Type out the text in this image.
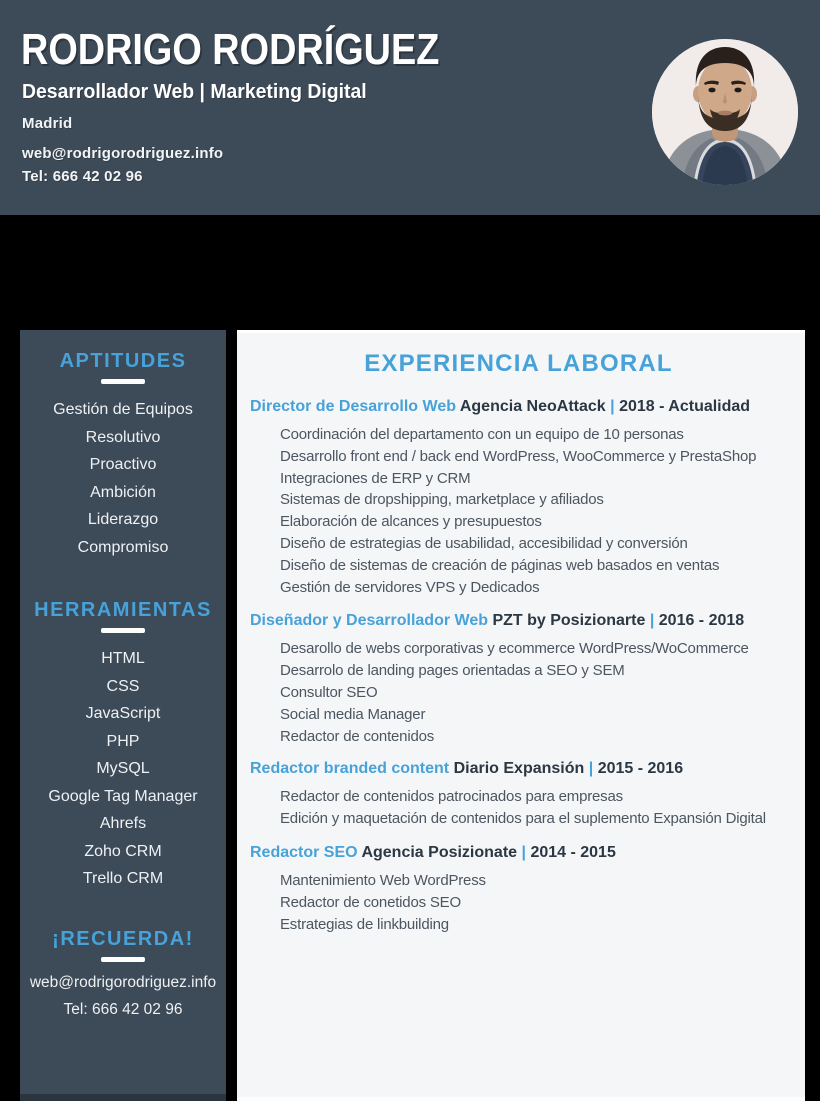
RODRIGO RODRÍGUEZ
Desarrollador Web | Marketing Digital
Madrid
web@rodrigorodriguez.info
Tel: 666 42 02 96
APTITUDES
Gestión de Equipos
Resolutivo
Proactivo
Ambición
Liderazgo
Compromiso
HERRAMIENTAS
HTML
CSS
JavaScript
PHP
MySQL
Google Tag Manager
Ahrefs
Zoho CRM
Trello CRM
¡RECUERDA!
web@rodrigorodriguez.info
Tel: 666 42 02 96
EXPERIENCIA LABORAL
Director de Desarrollo Web Agencia NeoAttack | 2018 - Actualidad
Coordinación del departamento con un equipo de 10 personas
Desarrollo front end / back end WordPress, WooCommerce y PrestaShop
Integraciones de ERP y CRM
Sistemas de dropshipping, marketplace y afiliados
Elaboración de alcances y presupuestos
Diseño de estrategias de usabilidad, accesibilidad y conversión
Diseño de sistemas de creación de páginas web basados en ventas
Gestión de servidores VPS y Dedicados
Diseñador y Desarrollador Web PZT by Posizionarte | 2016 - 2018
Desarollo de webs corporativas y ecommerce WordPress/WoCommerce
Desarrolo de landing pages orientadas a SEO y SEM
Consultor SEO
Social media Manager
Redactor de contenidos
Redactor branded content Diario Expansión | 2015 - 2016
Redactor de contenidos patrocinados para empresas
Edición y maquetación de contenidos para el suplemento Expansión Digital
Redactor SEO Agencia Posizionate | 2014 - 2015
Mantenimiento Web WordPress
Redactor de conetidos SEO
Estrategias de linkbuilding
